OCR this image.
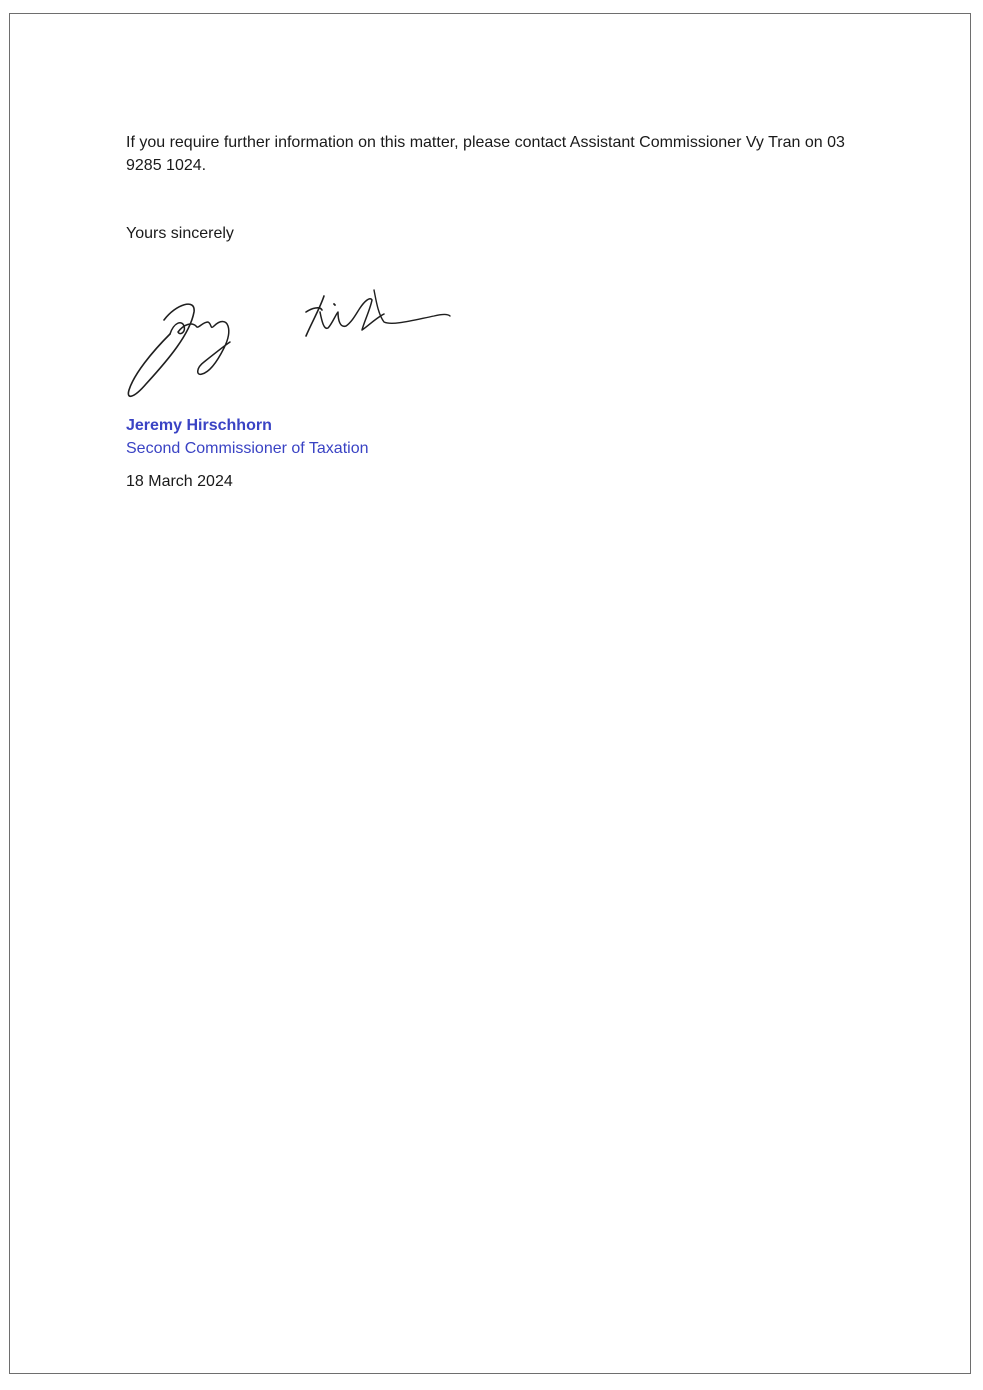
If you require further information on this matter, please contact Assistant Commissioner Vy Tran on 03 9285 1024.

Yours sincerely

Jeremy Hirschhorn

Second Commissioner of Taxation

18 March 2024
